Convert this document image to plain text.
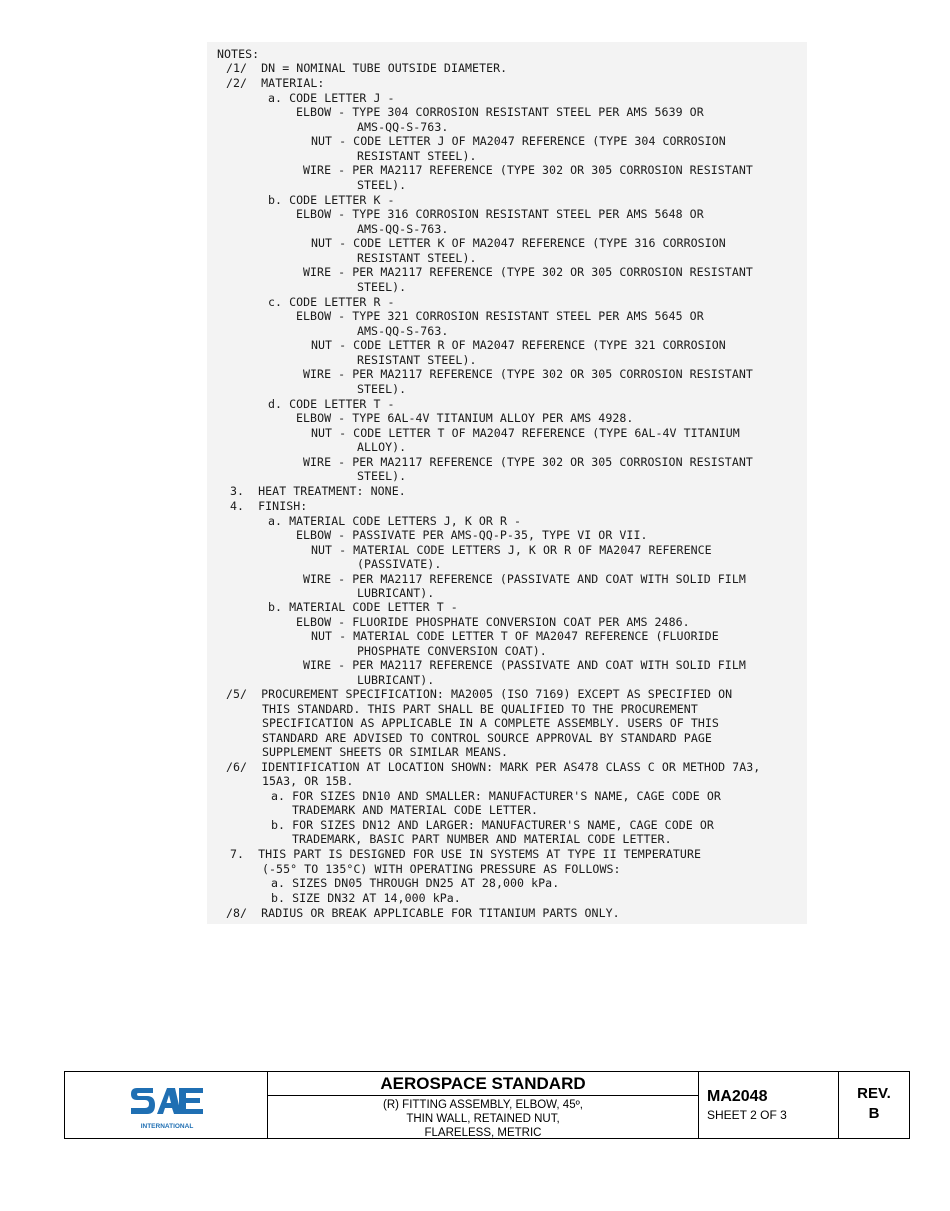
INTERNATIONAL
AEROSPACE STANDARD
(R) FITTING ASSEMBLY, ELBOW, 45º,
THIN WALL, RETAINED NUT,
FLARELESS, METRIC
MA2048
SHEET 2 OF 3
REV.
B
NOTES:
/1/  DN = NOMINAL TUBE OUTSIDE DIAMETER.
/2/  MATERIAL:
a. CODE LETTER J -
ELBOW - TYPE 304 CORROSION RESISTANT STEEL PER AMS 5639 OR
AMS-QQ-S-763.
NUT - CODE LETTER J OF MA2047 REFERENCE (TYPE 304 CORROSION
RESISTANT STEEL).
WIRE - PER MA2117 REFERENCE (TYPE 302 OR 305 CORROSION RESISTANT
STEEL).
b. CODE LETTER K -
ELBOW - TYPE 316 CORROSION RESISTANT STEEL PER AMS 5648 OR
AMS-QQ-S-763.
NUT - CODE LETTER K OF MA2047 REFERENCE (TYPE 316 CORROSION
RESISTANT STEEL).
WIRE - PER MA2117 REFERENCE (TYPE 302 OR 305 CORROSION RESISTANT
STEEL).
c. CODE LETTER R -
ELBOW - TYPE 321 CORROSION RESISTANT STEEL PER AMS 5645 OR
AMS-QQ-S-763.
NUT - CODE LETTER R OF MA2047 REFERENCE (TYPE 321 CORROSION
RESISTANT STEEL).
WIRE - PER MA2117 REFERENCE (TYPE 302 OR 305 CORROSION RESISTANT
STEEL).
d. CODE LETTER T -
ELBOW - TYPE 6AL-4V TITANIUM ALLOY PER AMS 4928.
NUT - CODE LETTER T OF MA2047 REFERENCE (TYPE 6AL-4V TITANIUM
ALLOY).
WIRE - PER MA2117 REFERENCE (TYPE 302 OR 305 CORROSION RESISTANT
STEEL).
3.  HEAT TREATMENT: NONE.
4.  FINISH:
a. MATERIAL CODE LETTERS J, K OR R -
ELBOW - PASSIVATE PER AMS-QQ-P-35, TYPE VI OR VII.
NUT - MATERIAL CODE LETTERS J, K OR R OF MA2047 REFERENCE
(PASSIVATE).
WIRE - PER MA2117 REFERENCE (PASSIVATE AND COAT WITH SOLID FILM
LUBRICANT).
b. MATERIAL CODE LETTER T -
ELBOW - FLUORIDE PHOSPHATE CONVERSION COAT PER AMS 2486.
NUT - MATERIAL CODE LETTER T OF MA2047 REFERENCE (FLUORIDE
PHOSPHATE CONVERSION COAT).
WIRE - PER MA2117 REFERENCE (PASSIVATE AND COAT WITH SOLID FILM
LUBRICANT).
/5/  PROCUREMENT SPECIFICATION: MA2005 (ISO 7169) EXCEPT AS SPECIFIED ON
THIS STANDARD. THIS PART SHALL BE QUALIFIED TO THE PROCUREMENT
SPECIFICATION AS APPLICABLE IN A COMPLETE ASSEMBLY. USERS OF THIS
STANDARD ARE ADVISED TO CONTROL SOURCE APPROVAL BY STANDARD PAGE
SUPPLEMENT SHEETS OR SIMILAR MEANS.
/6/  IDENTIFICATION AT LOCATION SHOWN: MARK PER AS478 CLASS C OR METHOD 7A3,
15A3, OR 15B.
a. FOR SIZES DN10 AND SMALLER: MANUFACTURER'S NAME, CAGE CODE OR
TRADEMARK AND MATERIAL CODE LETTER.
b. FOR SIZES DN12 AND LARGER: MANUFACTURER'S NAME, CAGE CODE OR
TRADEMARK, BASIC PART NUMBER AND MATERIAL CODE LETTER.
7.  THIS PART IS DESIGNED FOR USE IN SYSTEMS AT TYPE II TEMPERATURE
(-55° TO 135°C) WITH OPERATING PRESSURE AS FOLLOWS:
a. SIZES DN05 THROUGH DN25 AT 28,000 kPa.
b. SIZE DN32 AT 14,000 kPa.
/8/  RADIUS OR BREAK APPLICABLE FOR TITANIUM PARTS ONLY.
